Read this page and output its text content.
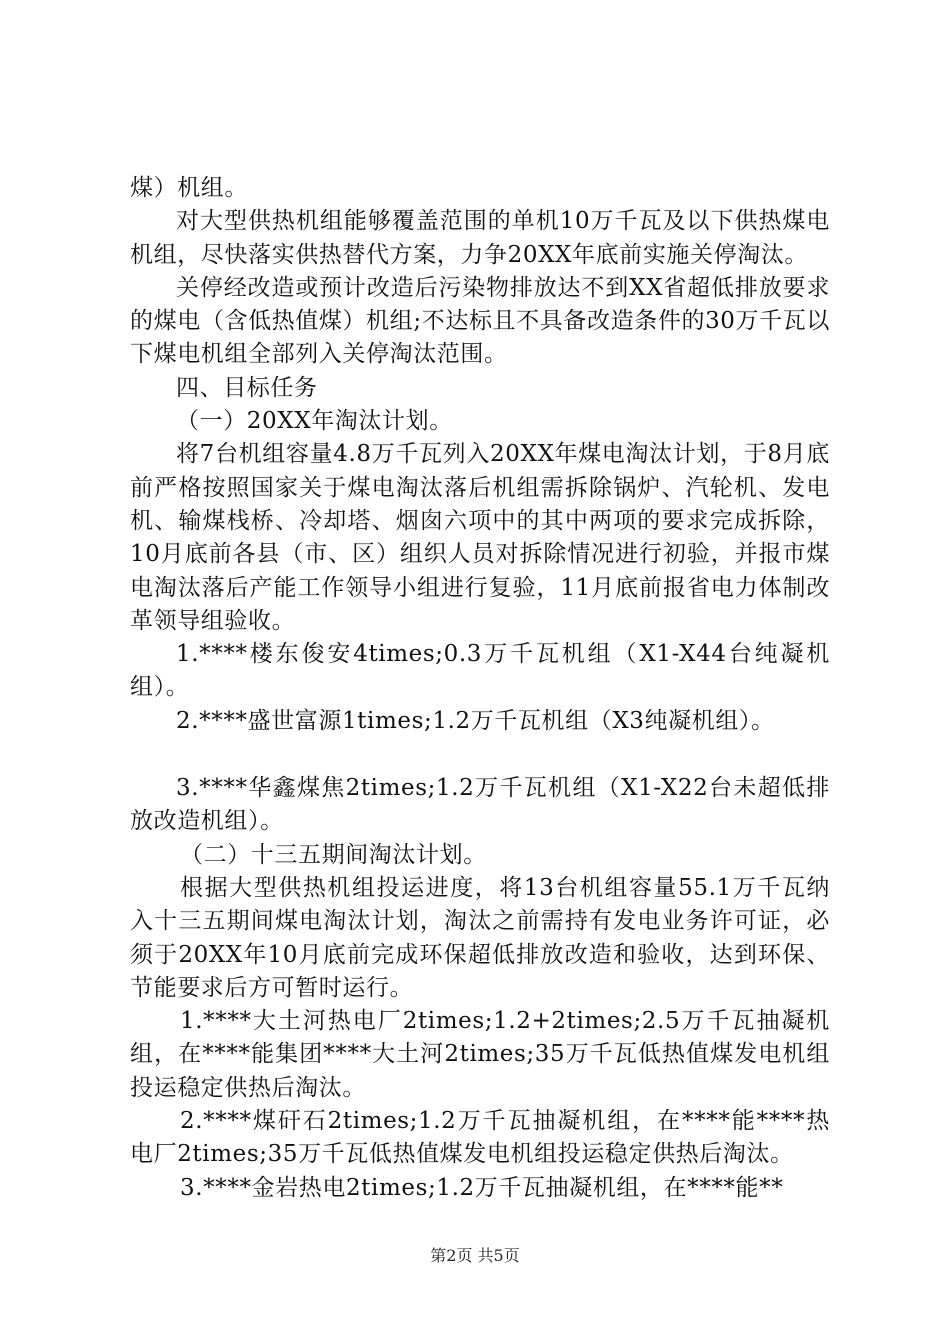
煤）机组。

对大型供热机组能够覆盖范围的单机10万千瓦及以下供热煤电机组，尽快落实供热替代方案，力争20XX年底前实施关停淘汰。

关停经改造或预计改造后污染物排放达不到XX省超低排放要求的煤电（含低热值煤）机组;不达标且不具备改造条件的30万千瓦以下煤电机组全部列入关停淘汰范围。

四、目标任务

（一）20XX年淘汰计划。

将7台机组容量4.8万千瓦列入20XX年煤电淘汰计划，于8月底前严格按照国家关于煤电淘汰落后机组需拆除锅炉、汽轮机、发电机、输煤栈桥、冷却塔、烟囱六项中的其中两项的要求完成拆除，10月底前各县（市、区）组织人员对拆除情况进行初验，并报市煤电淘汰落后产能工作领导小组进行复验，11月底前报省电力体制改革领导组验收。

1.****楼东俊安4times;0.3万千瓦机组（X1-X44台纯凝机组）。

2.****盛世富源1times;1.2万千瓦机组（X3纯凝机组）。

3.****华鑫煤焦2times;1.2万千瓦机组（X1-X22台未超低排放改造机组）。

（二）十三五期间淘汰计划。

根据大型供热机组投运进度，将13台机组容量55.1万千瓦纳入十三五期间煤电淘汰计划，淘汰之前需持有发电业务许可证，必须于20XX年10月底前完成环保超低排放改造和验收，达到环保、节能要求后方可暂时运行。

1.****大土河热电厂2times;1.2+2times;2.5万千瓦抽凝机组，在****能集团****大土河2times;35万千瓦低热值煤发电机组投运稳定供热后淘汰。

2.****煤矸石2times;1.2万千瓦抽凝机组，在****能****热电厂2times;35万千瓦低热值煤发电机组投运稳定供热后淘汰。

3.****金岩热电2times;1.2万千瓦抽凝机组，在****能**

第2页 共5页
